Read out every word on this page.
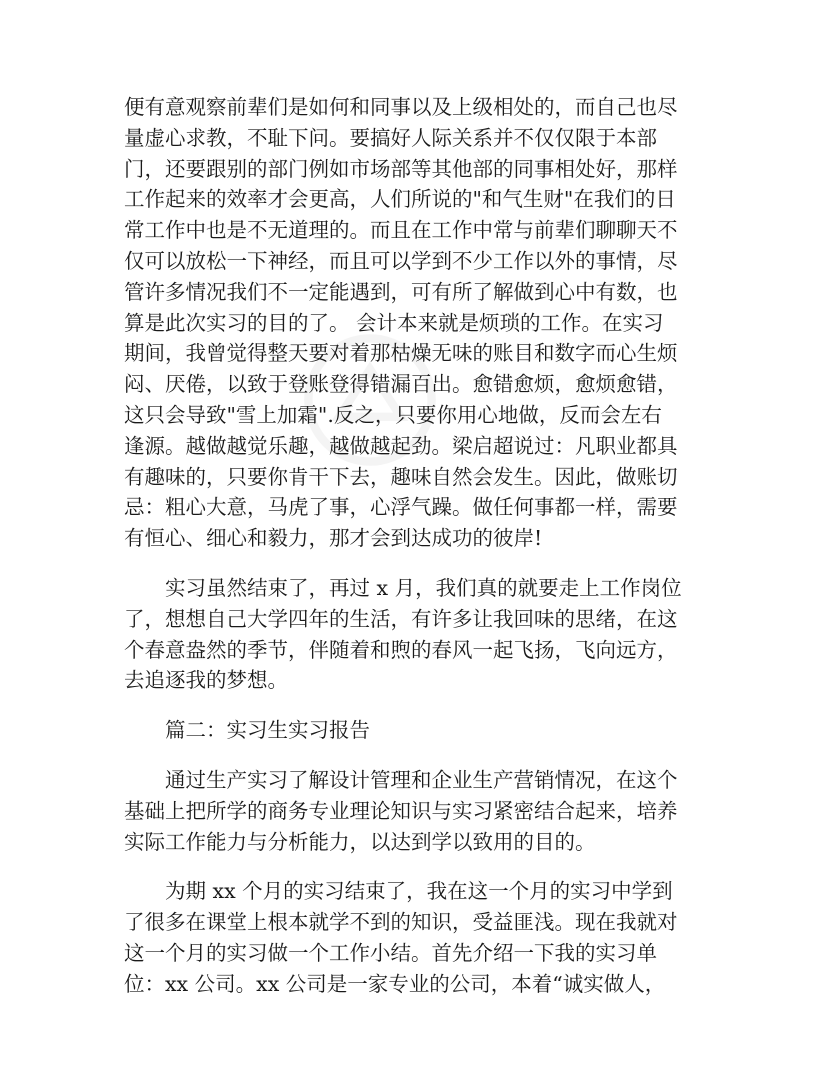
便有意观察前辈们是如何和同事以及上级相处的，而自己也尽
量虚心求教，不耻下问。要搞好人际关系并不仅仅限于本部
门，还要跟别的部门例如市场部等其他部的同事相处好，那样
工作起来的效率才会更高，人们所说的"和气生财"在我们的日
常工作中也是不无道理的。而且在工作中常与前辈们聊聊天不
仅可以放松一下神经，而且可以学到不少工作以外的事情，尽
管许多情况我们不一定能遇到，可有所了解做到心中有数，也
算是此次实习的目的了。 会计本来就是烦琐的工作。在实习
期间，我曾觉得整天要对着那枯燥无味的账目和数字而心生烦
闷、厌倦，以致于登账登得错漏百出。愈错愈烦，愈烦愈错，
这只会导致"雪上加霜".反之，只要你用心地做，反而会左右
逢源。越做越觉乐趣，越做越起劲。梁启超说过：凡职业都具
有趣味的，只要你肯干下去，趣味自然会发生。因此，做账切
忌：粗心大意，马虎了事，心浮气躁。做任何事都一样，需要
有恒心、细心和毅力，那才会到达成功的彼岸!
实习虽然结束了，再过 x 月，我们真的就要走上工作岗位
了，想想自己大学四年的生活，有许多让我回味的思绪，在这
个春意盎然的季节，伴随着和煦的春风一起飞扬，飞向远方，
去追逐我的梦想。
篇二：实习生实习报告
通过生产实习了解设计管理和企业生产营销情况，在这个
基础上把所学的商务专业理论知识与实习紧密结合起来，培养
实际工作能力与分析能力，以达到学以致用的目的。
为期 xx 个月的实习结束了，我在这一个月的实习中学到
了很多在课堂上根本就学不到的知识，受益匪浅。现在我就对
这一个月的实习做一个工作小结。首先介绍一下我的实习单
位：xx 公司。xx 公司是一家专业的公司，本着“诚实做人，
